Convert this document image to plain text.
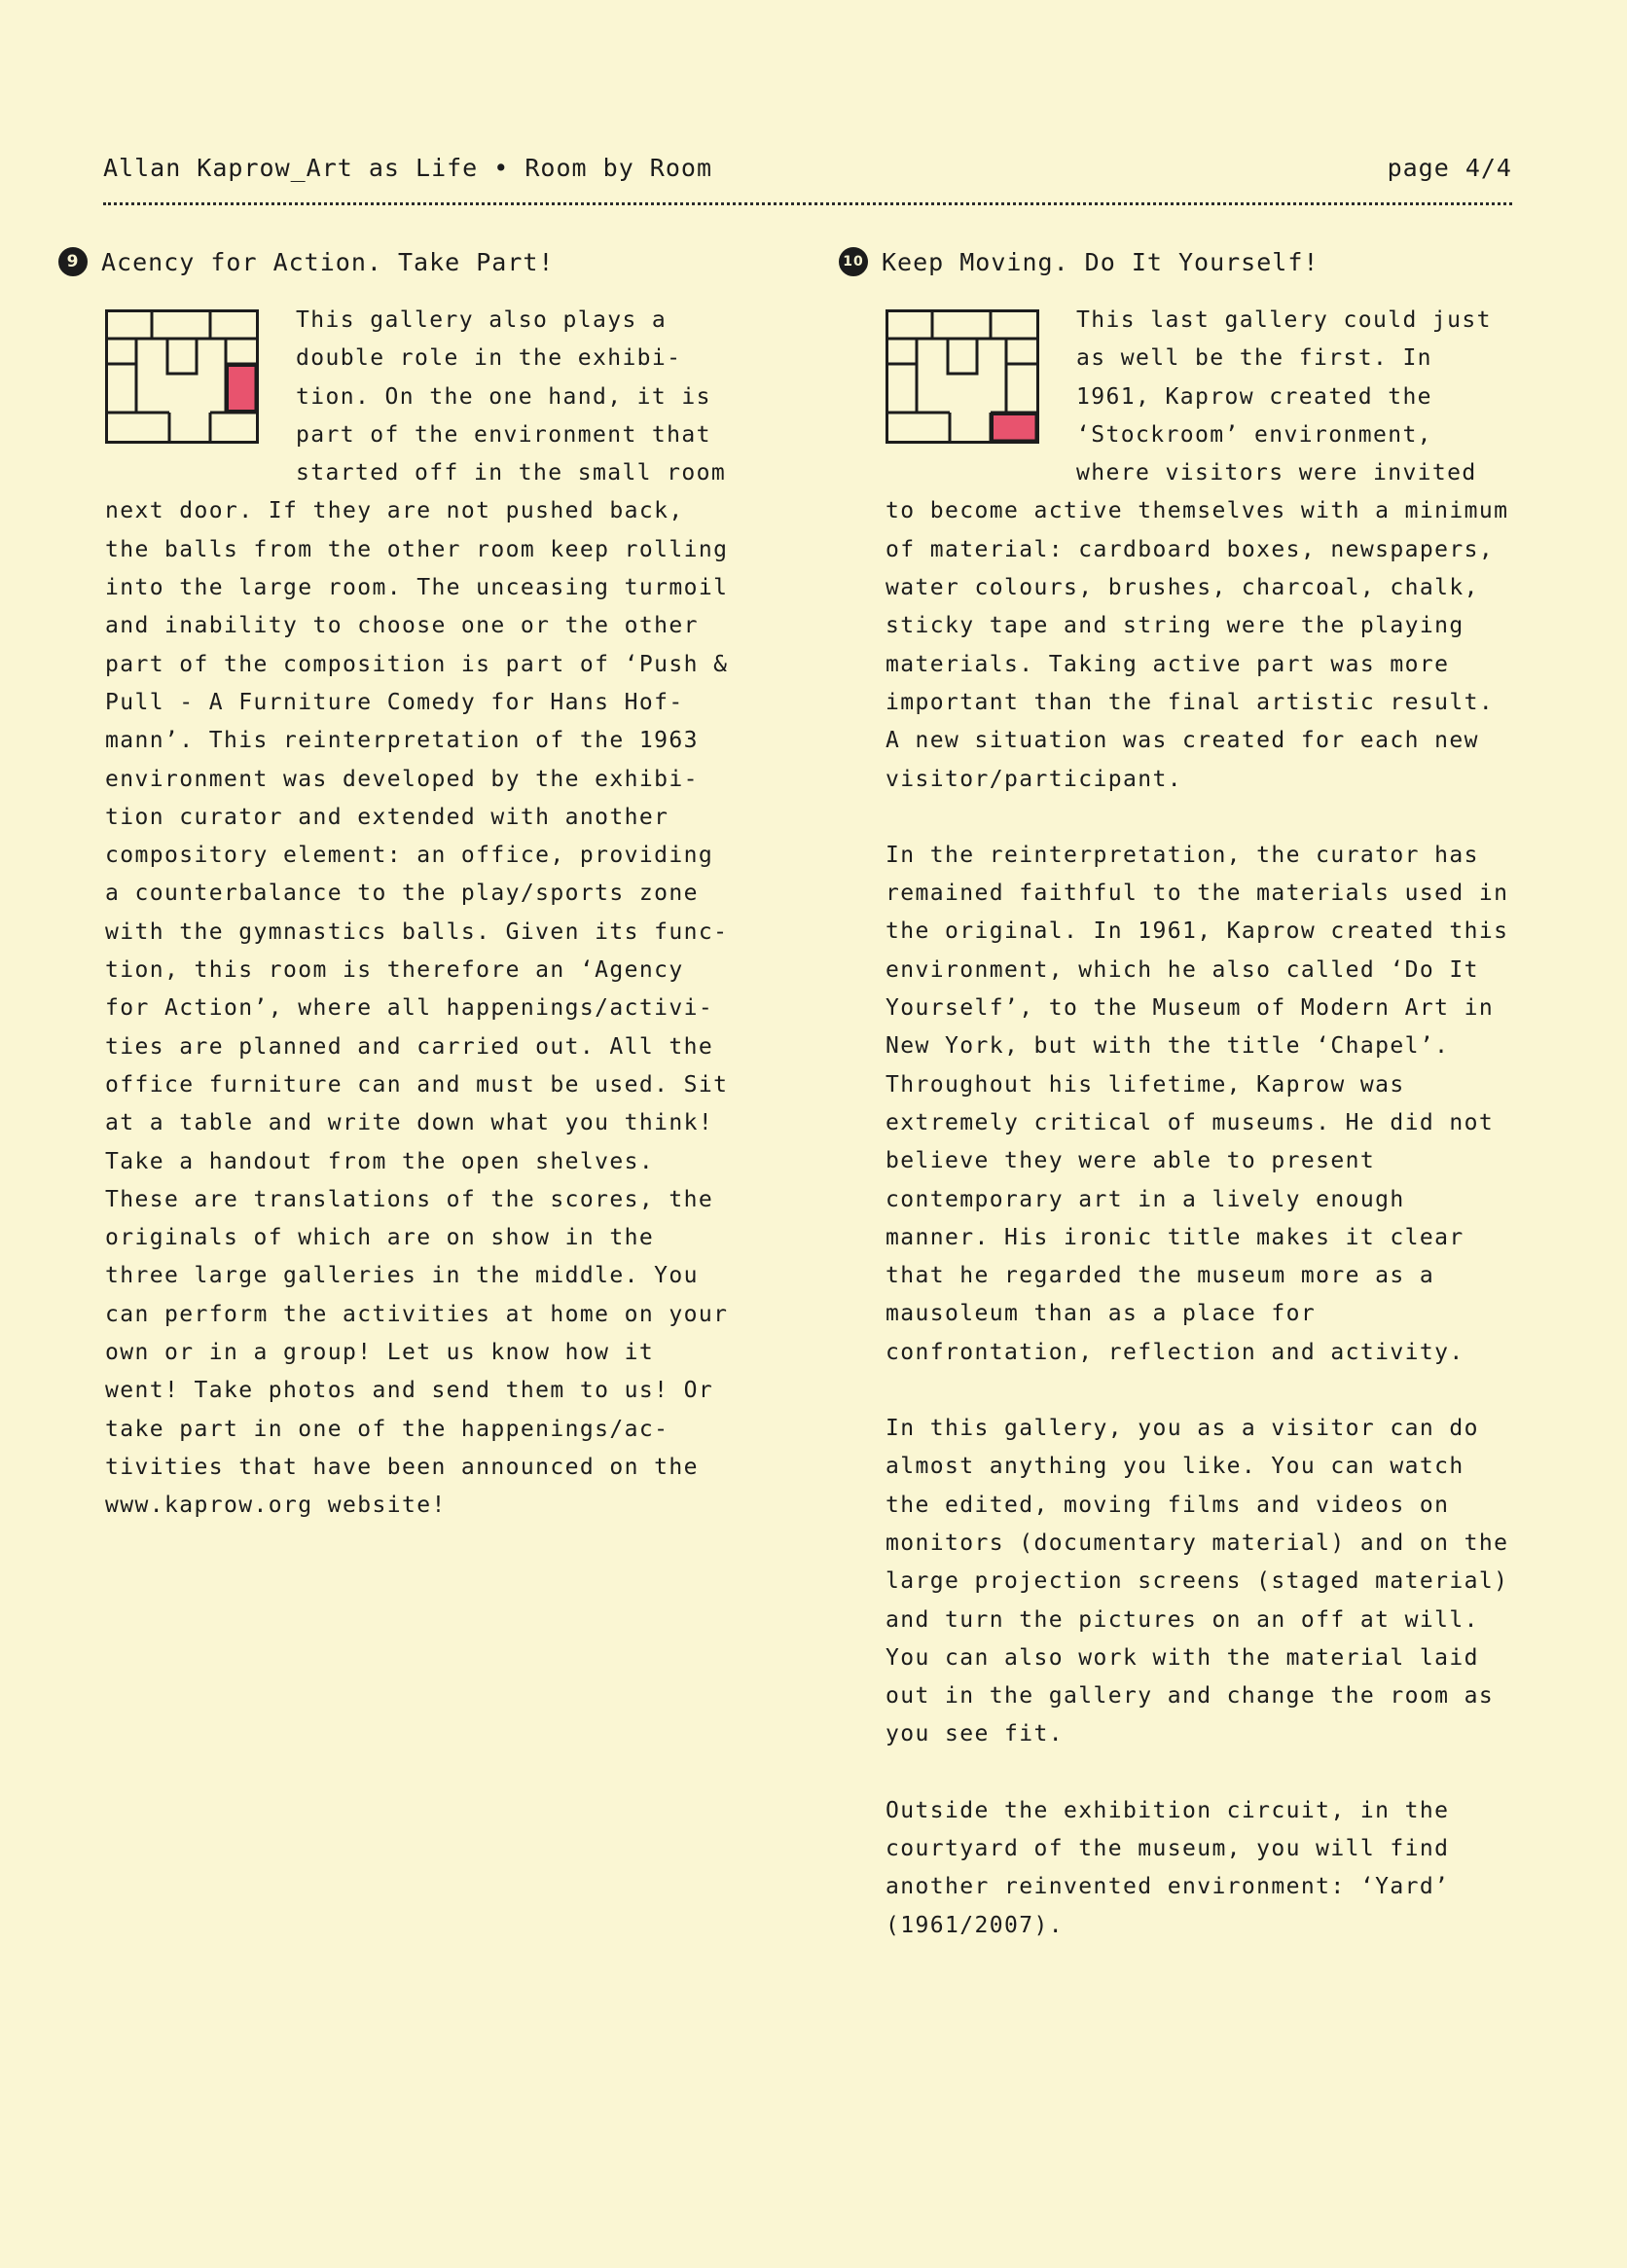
Allan Kaprow_Art as Life • Room by Room	page 4/4
9 Acency for Action. Take Part!

This gallery also plays a double role in the exhibi- tion. On the one hand, it is part of the environment that started off in the small room next door. If they are not pushed back, the balls from the other room keep rolling into the large room. The unceasing turmoil and inability to choose one or the other part of the composition is part of ‘Push & Pull - A Furniture Comedy for Hans Hof- mann’. This reinterpretation of the 1963 environment was developed by the exhibi- tion curator and extended with another compository element: an office, providing a counterbalance to the play/sports zone with the gymnastics balls. Given its func- tion, this room is therefore an ‘Agency for Action’, where all happenings/activi- ties are planned and carried out. All the office furniture can and must be used. Sit at a table and write down what you think! Take a handout from the open shelves. These are translations of the scores, the originals of which are on show in the three large galleries in the middle. You can perform the activities at home on your own or in a group! Let us know how it went! Take photos and send them to us! Or take part in one of the happenings/ac- tivities that have been announced on the www.kaprow.org website!

10 Keep Moving. Do It Yourself!

This last gallery could just as well be the first. In 1961, Kaprow created the ‘Stockroom’ environment, where visitors were invited to become active themselves with a minimum of material: cardboard boxes, newspapers, water colours, brushes, charcoal, chalk, sticky tape and string were the playing materials. Taking active part was more important than the final artistic result. A new situation was created for each new visitor/participant.

In the reinterpretation, the curator has remained faithful to the materials used in the original. In 1961, Kaprow created this environment, which he also called ‘Do It Yourself’, to the Museum of Modern Art in New York, but with the title ‘Chapel’. Throughout his lifetime, Kaprow was extremely critical of museums. He did not believe they were able to present contemporary art in a lively enough manner. His ironic title makes it clear that he regarded the museum more as a mausoleum than as a place for confrontation, reflection and activity.

In this gallery, you as a visitor can do almost anything you like. You can watch the edited, moving films and videos on monitors (documentary material) and on the large projection screens (staged material) and turn the pictures on an off at will. You can also work with the material laid out in the gallery and change the room as you see fit.

Outside the exhibition circuit, in the courtyard of the museum, you will find another reinvented environment: ‘Yard’ (1961/2007).
